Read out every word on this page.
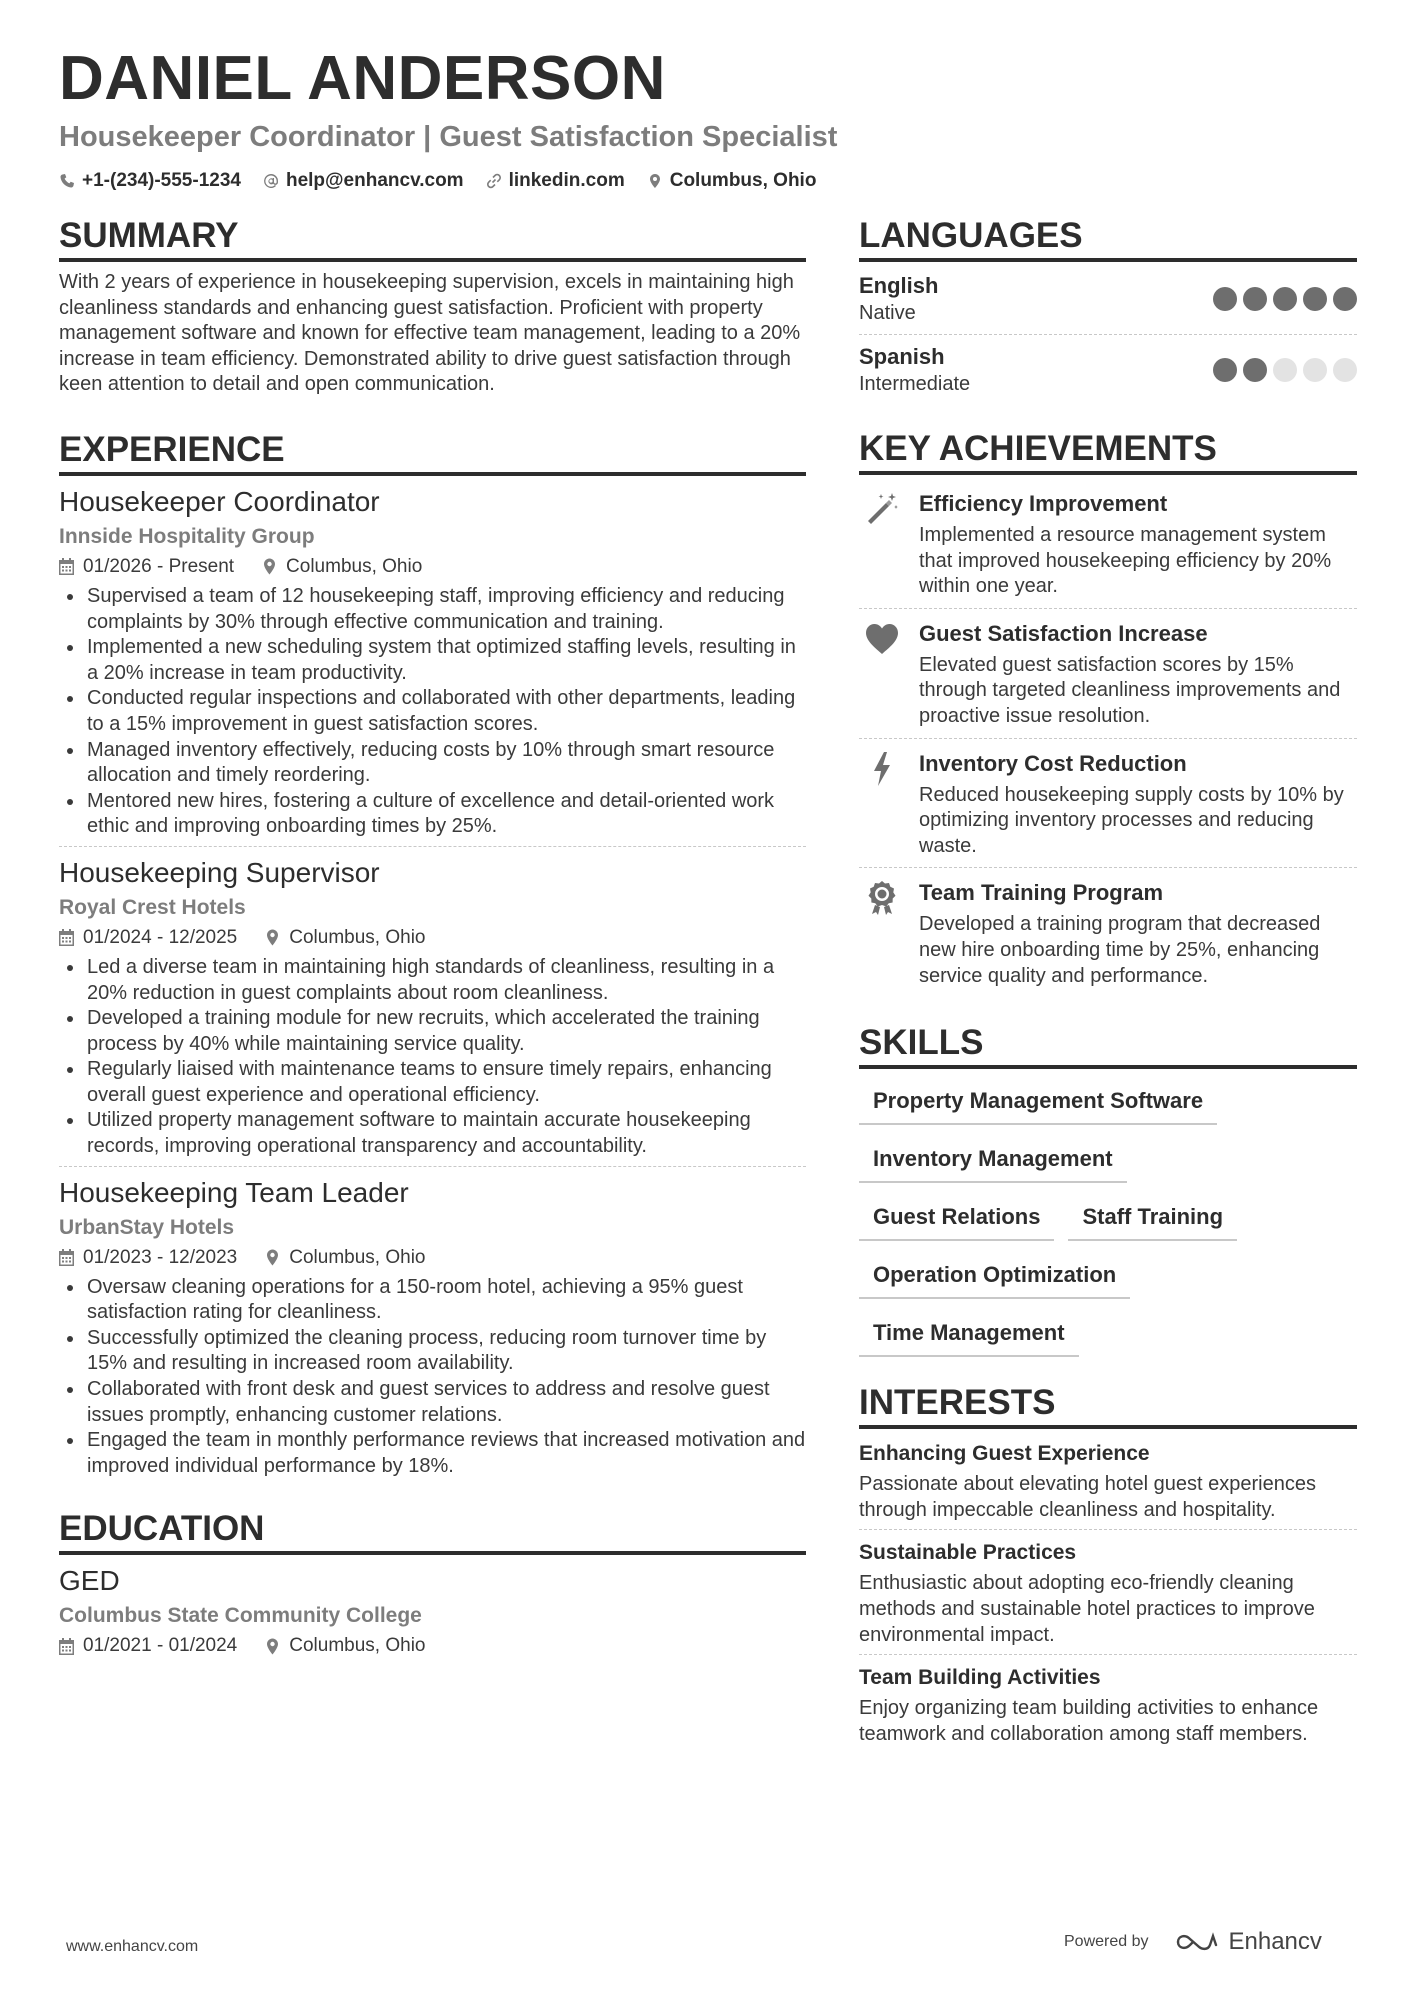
DANIEL ANDERSON
Housekeeper Coordinator | Guest Satisfaction Specialist
+1-(234)-555-1234 help@enhancv.com linkedin.com Columbus, Ohio
SUMMARY
With 2 years of experience in housekeeping supervision, excels in maintaining high cleanliness standards and enhancing guest satisfaction. Proficient with property management software and known for effective team management, leading to a 20% increase in team efficiency. Demonstrated ability to drive guest satisfaction through keen attention to detail and open communication.
EXPERIENCE
Housekeeper Coordinator
Innside Hospitality Group
01/2026 - Present	Columbus, Ohio
Supervised a team of 12 housekeeping staff, improving efficiency and reducing complaints by 30% through effective communication and training.
Implemented a new scheduling system that optimized staffing levels, resulting in a 20% increase in team productivity.
Conducted regular inspections and collaborated with other departments, leading to a 15% improvement in guest satisfaction scores.
Managed inventory effectively, reducing costs by 10% through smart resource allocation and timely reordering.
Mentored new hires, fostering a culture of excellence and detail-oriented work ethic and improving onboarding times by 25%.
Housekeeping Supervisor
Royal Crest Hotels
01/2024 - 12/2025	Columbus, Ohio
Led a diverse team in maintaining high standards of cleanliness, resulting in a 20% reduction in guest complaints about room cleanliness.
Developed a training module for new recruits, which accelerated the training process by 40% while maintaining service quality.
Regularly liaised with maintenance teams to ensure timely repairs, enhancing overall guest experience and operational efficiency.
Utilized property management software to maintain accurate housekeeping records, improving operational transparency and accountability.
Housekeeping Team Leader
UrbanStay Hotels
01/2023 - 12/2023	Columbus, Ohio
Oversaw cleaning operations for a 150-room hotel, achieving a 95% guest satisfaction rating for cleanliness.
Successfully optimized the cleaning process, reducing room turnover time by 15% and resulting in increased room availability.
Collaborated with front desk and guest services to address and resolve guest issues promptly, enhancing customer relations.
Engaged the team in monthly performance reviews that increased motivation and improved individual performance by 18%.
EDUCATION
GED
Columbus State Community College
01/2021 - 01/2024	Columbus, Ohio
LANGUAGES
English
Native
Spanish
Intermediate
KEY ACHIEVEMENTS
Efficiency Improvement
Implemented a resource management system that improved housekeeping efficiency by 20% within one year.
Guest Satisfaction Increase
Elevated guest satisfaction scores by 15% through targeted cleanliness improvements and proactive issue resolution.
Inventory Cost Reduction
Reduced housekeeping supply costs by 10% by optimizing inventory processes and reducing waste.
Team Training Program
Developed a training program that decreased new hire onboarding time by 25%, enhancing service quality and performance.
SKILLS
Property Management Software
Inventory Management
Guest Relations	Staff Training
Operation Optimization
Time Management
INTERESTS
Enhancing Guest Experience
Passionate about elevating hotel guest experiences through impeccable cleanliness and hospitality.
Sustainable Practices
Enthusiastic about adopting eco-friendly cleaning methods and sustainable hotel practices to improve environmental impact.
Team Building Activities
Enjoy organizing team building activities to enhance teamwork and collaboration among staff members.
www.enhancv.com	Powered by	Enhancv
